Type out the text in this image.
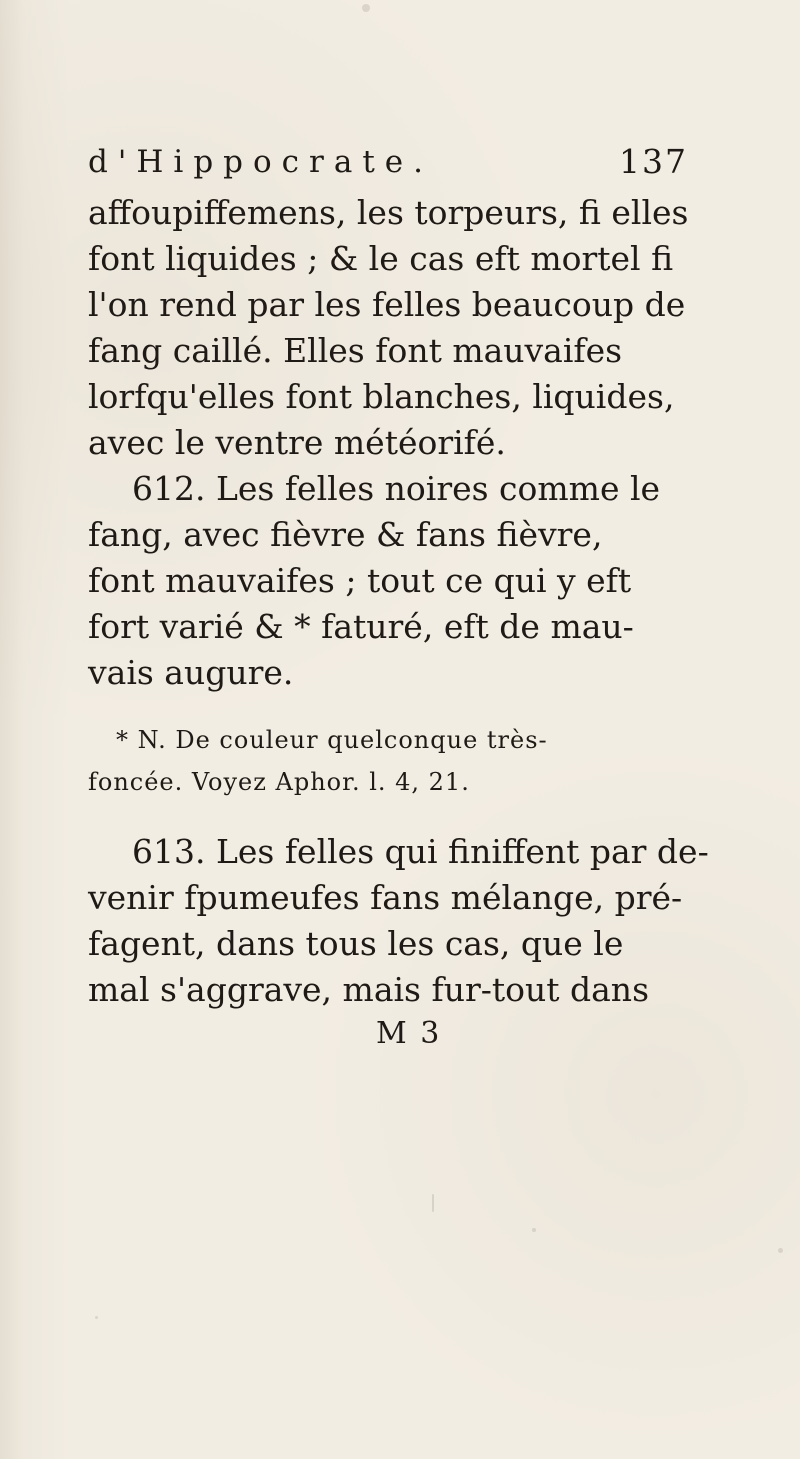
d'Hippocrate.	137
affoupiffemens, les torpeurs, fi elles
font liquides ; & le cas eft mortel fi
l'on rend par les felles beaucoup de
fang caillé. Elles font mauvaifes
lorfqu'elles font blanches, liquides,
avec le ventre météorifé.
612. Les felles noires comme le
fang, avec fièvre & fans fièvre,
font mauvaifes ; tout ce qui y eft
fort varié & * faturé, eft de mau-
vais augure.
* N. De couleur quelconque très-
foncée. Voyez Aphor. l. 4, 21.
613. Les felles qui finiffent par de-
venir fpumeufes fans mélange, pré-
fagent, dans tous les cas, que le
mal s'aggrave, mais fur-tout dans
M 3
